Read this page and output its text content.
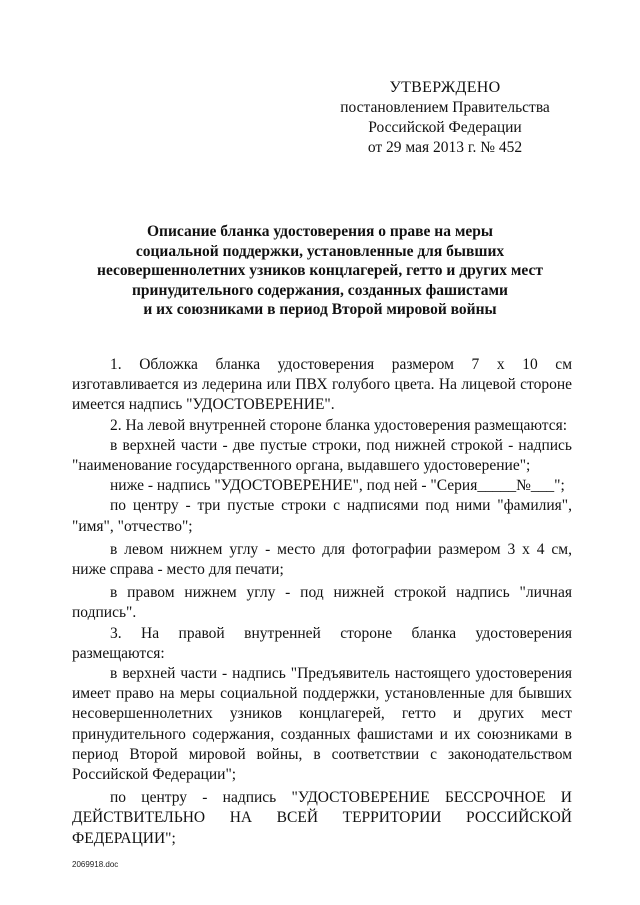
УТВЕРЖДЕНО
постановлением Правительства
Российской Федерации
от 29 мая 2013 г. № 452
Описание бланка удостоверения о праве на меры
социальной поддержки, установленные для бывших
несовершеннолетних узников концлагерей, гетто и других мест
принудительного содержания, созданных фашистами
и их союзниками в период Второй мировой войны

1. Обложка бланка удостоверения размером 7 х 10 см изготавливается из ледерина или ПВХ голубого цвета. На лицевой стороне имеется надпись "УДОСТОВЕРЕНИЕ".

2. На левой внутренней стороне бланка удостоверения размещаются:

в верхней части - две пустые строки, под нижней строкой - надпись "наименование государственного органа, выдавшего удостоверение";

ниже - надпись "УДОСТОВЕРЕНИЕ", под ней - "Серия_____№___";

по центру - три пустые строки с надписями под ними "фамилия", "имя", "отчество";

в левом нижнем углу - место для фотографии размером 3 х 4 см, ниже справа - место для печати;

в правом нижнем углу - под нижней строкой надпись "личная подпись".

3. На правой внутренней стороне бланка удостоверения размещаются:

в верхней части - надпись "Предъявитель настоящего удостоверения имеет право на меры социальной поддержки, установленные для бывших несовершеннолетних узников концлагерей, гетто и других мест принудительного содержания, созданных фашистами и их союзниками в период Второй мировой войны, в соответствии с законодательством Российской Федерации";

по центру - надпись "УДОСТОВЕРЕНИЕ БЕССРОЧНОЕ И ДЕЙСТВИТЕЛЬНО НА ВСЕЙ ТЕРРИТОРИИ РОССИЙСКОЙ ФЕДЕРАЦИИ";

2069918.doc
